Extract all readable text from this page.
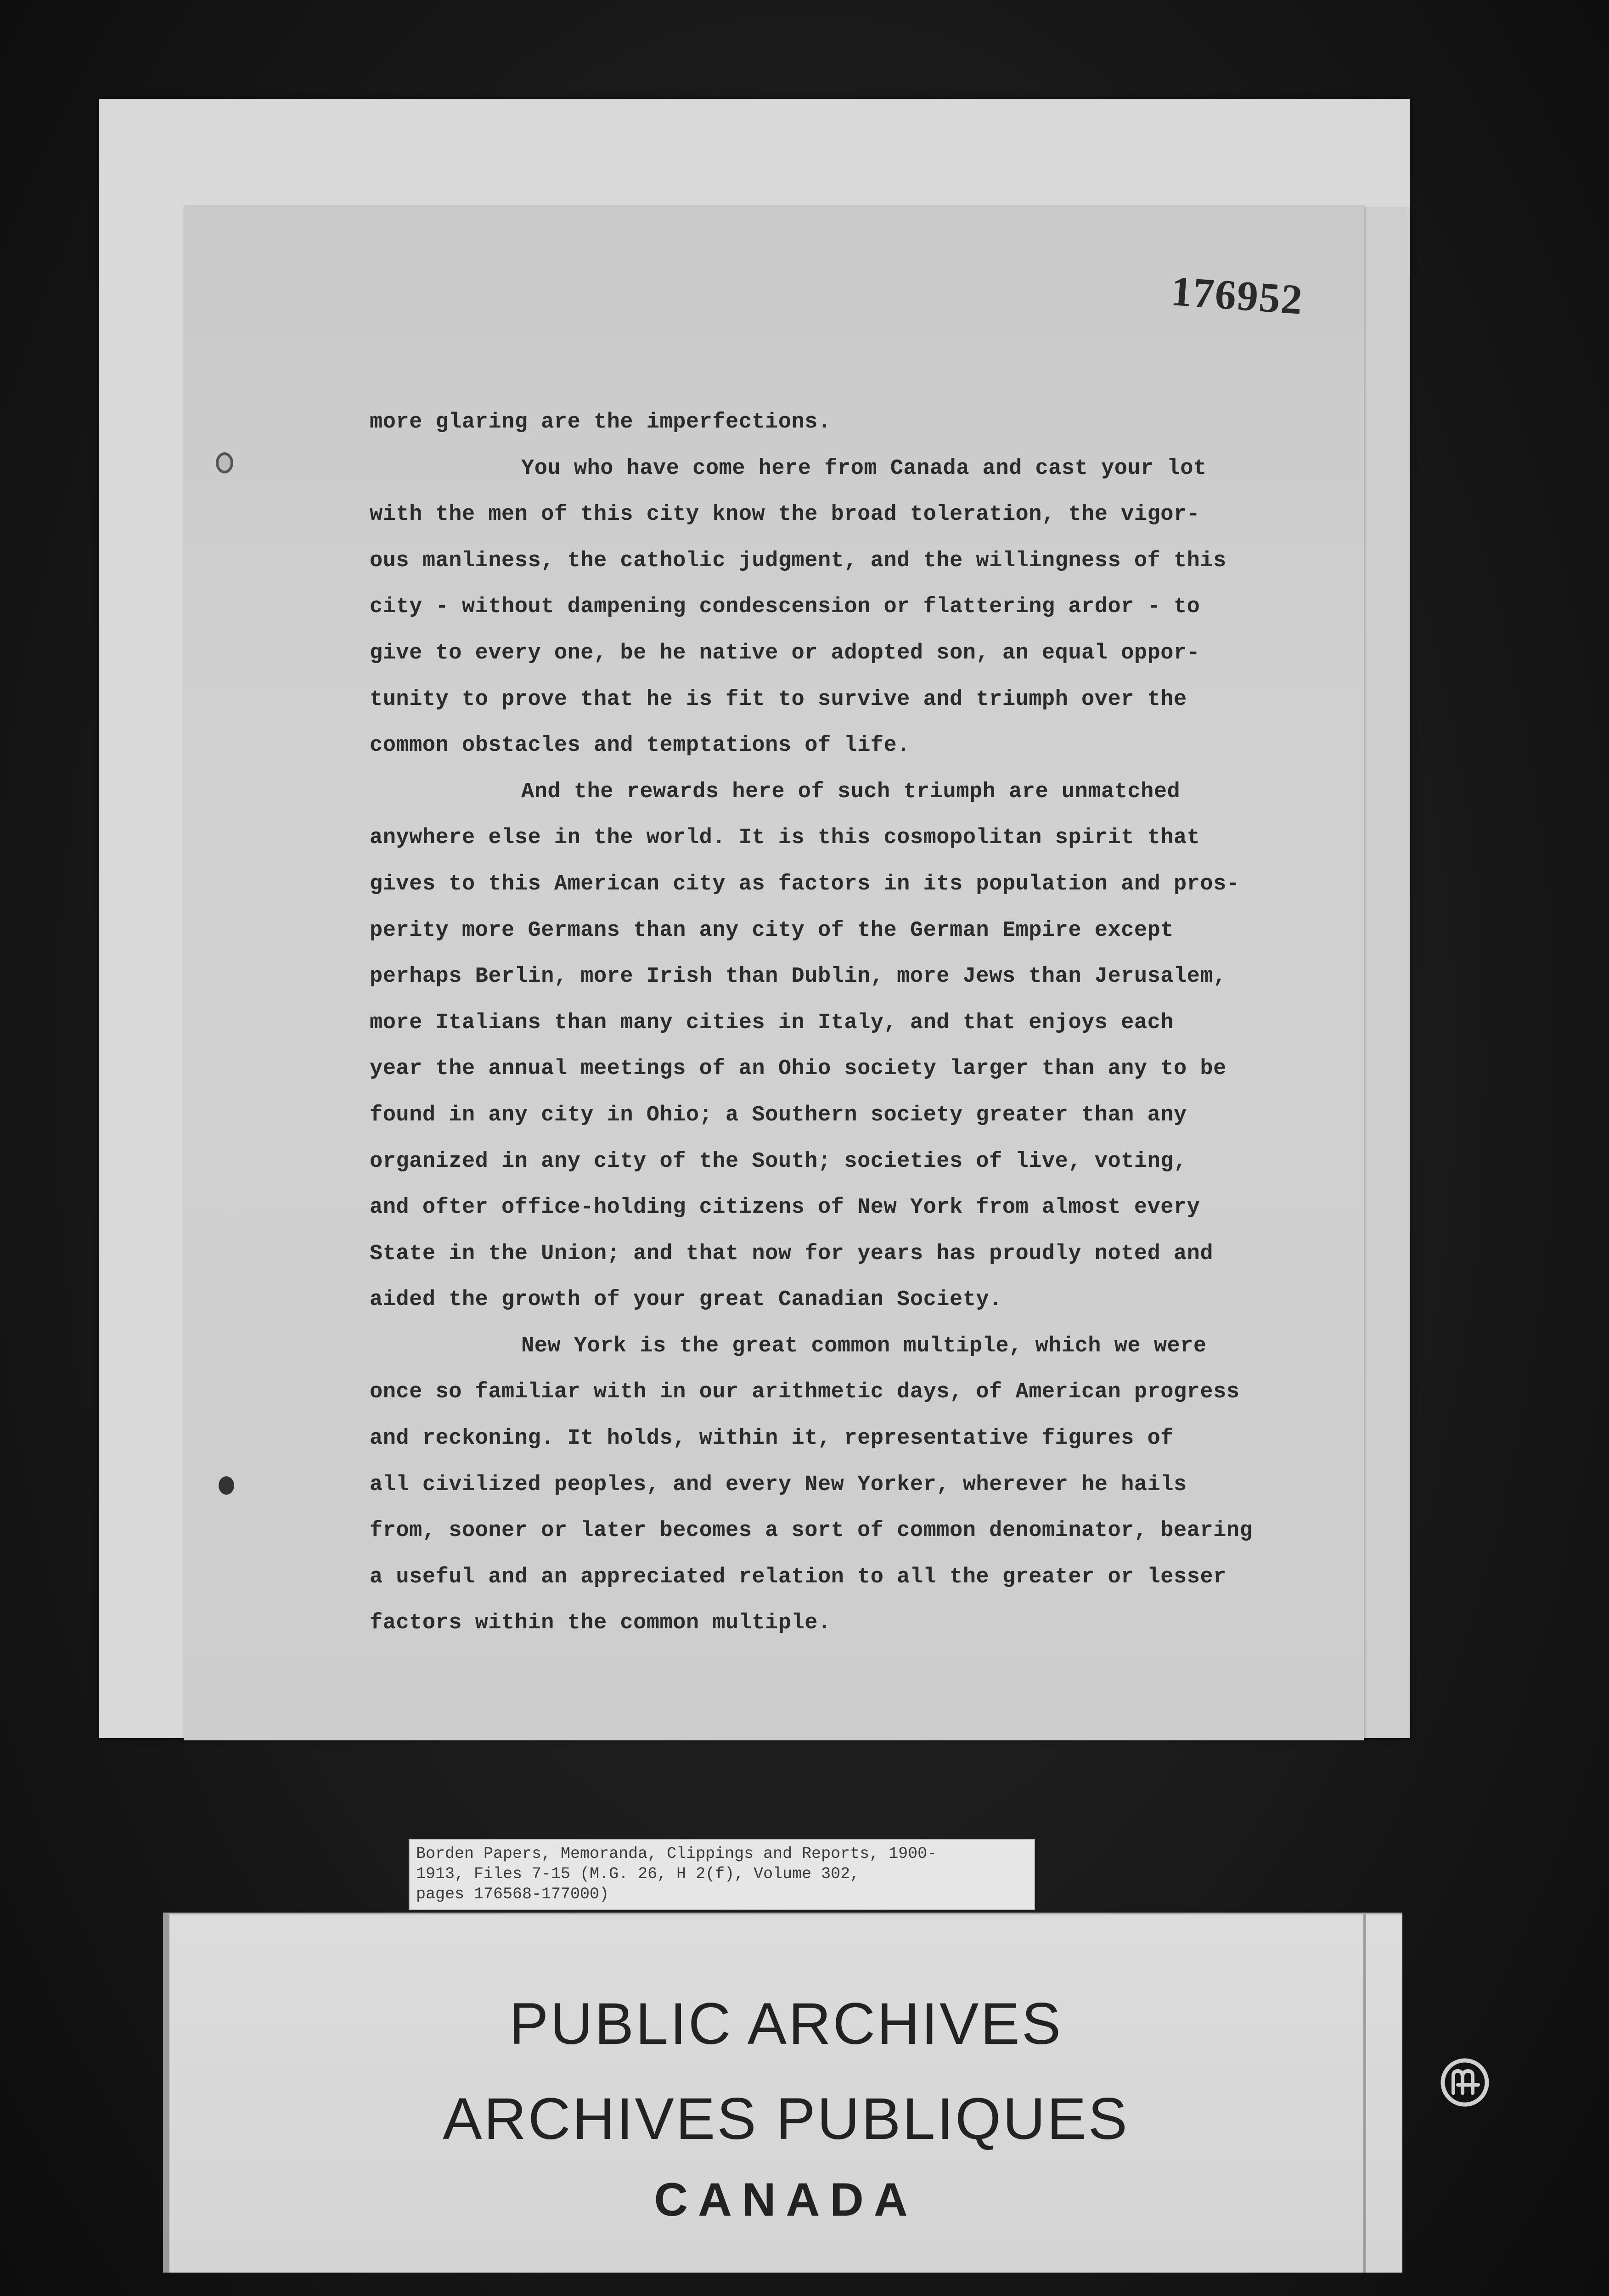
176952
more glaring are the imperfections.
You who have come here from Canada and cast your lot
with the men of this city know the broad toleration, the vigor-
ous manliness, the catholic judgment, and the willingness of this
city - without dampening condescension or flattering ardor - to
give to every one, be he native or adopted son, an equal oppor-
tunity to prove that he is fit to survive and triumph over the
common obstacles and temptations of life.
And the rewards here of such triumph are unmatched
anywhere else in the world. It is this cosmopolitan spirit that
gives to this American city as factors in its population and pros-
perity more Germans than any city of the German Empire except
perhaps Berlin, more Irish than Dublin, more Jews than Jerusalem,
more Italians than many cities in Italy, and that enjoys each
year the annual meetings of an Ohio society larger than any to be
found in any city in Ohio; a Southern society greater than any
organized in any city of the South; societies of live, voting,
and ofter office-holding citizens of New York from almost every
State in the Union; and that now for years has proudly noted and
aided the growth of your great Canadian Society.
New York is the great common multiple, which we were
once so familiar with in our arithmetic days, of American progress
and reckoning. It holds, within it, representative figures of
all civilized peoples, and every New Yorker, wherever he hails
from, sooner or later becomes a sort of common denominator, bearing
a useful and an appreciated relation to all the greater or lesser
factors within the common multiple.
Borden Papers, Memoranda, Clippings and Reports, 1900-
1913, Files 7-15 (M.G. 26, H 2(f), Volume 302,
pages 176568-177000)
PUBLIC ARCHIVES
ARCHIVES PUBLIQUES
CANADA
